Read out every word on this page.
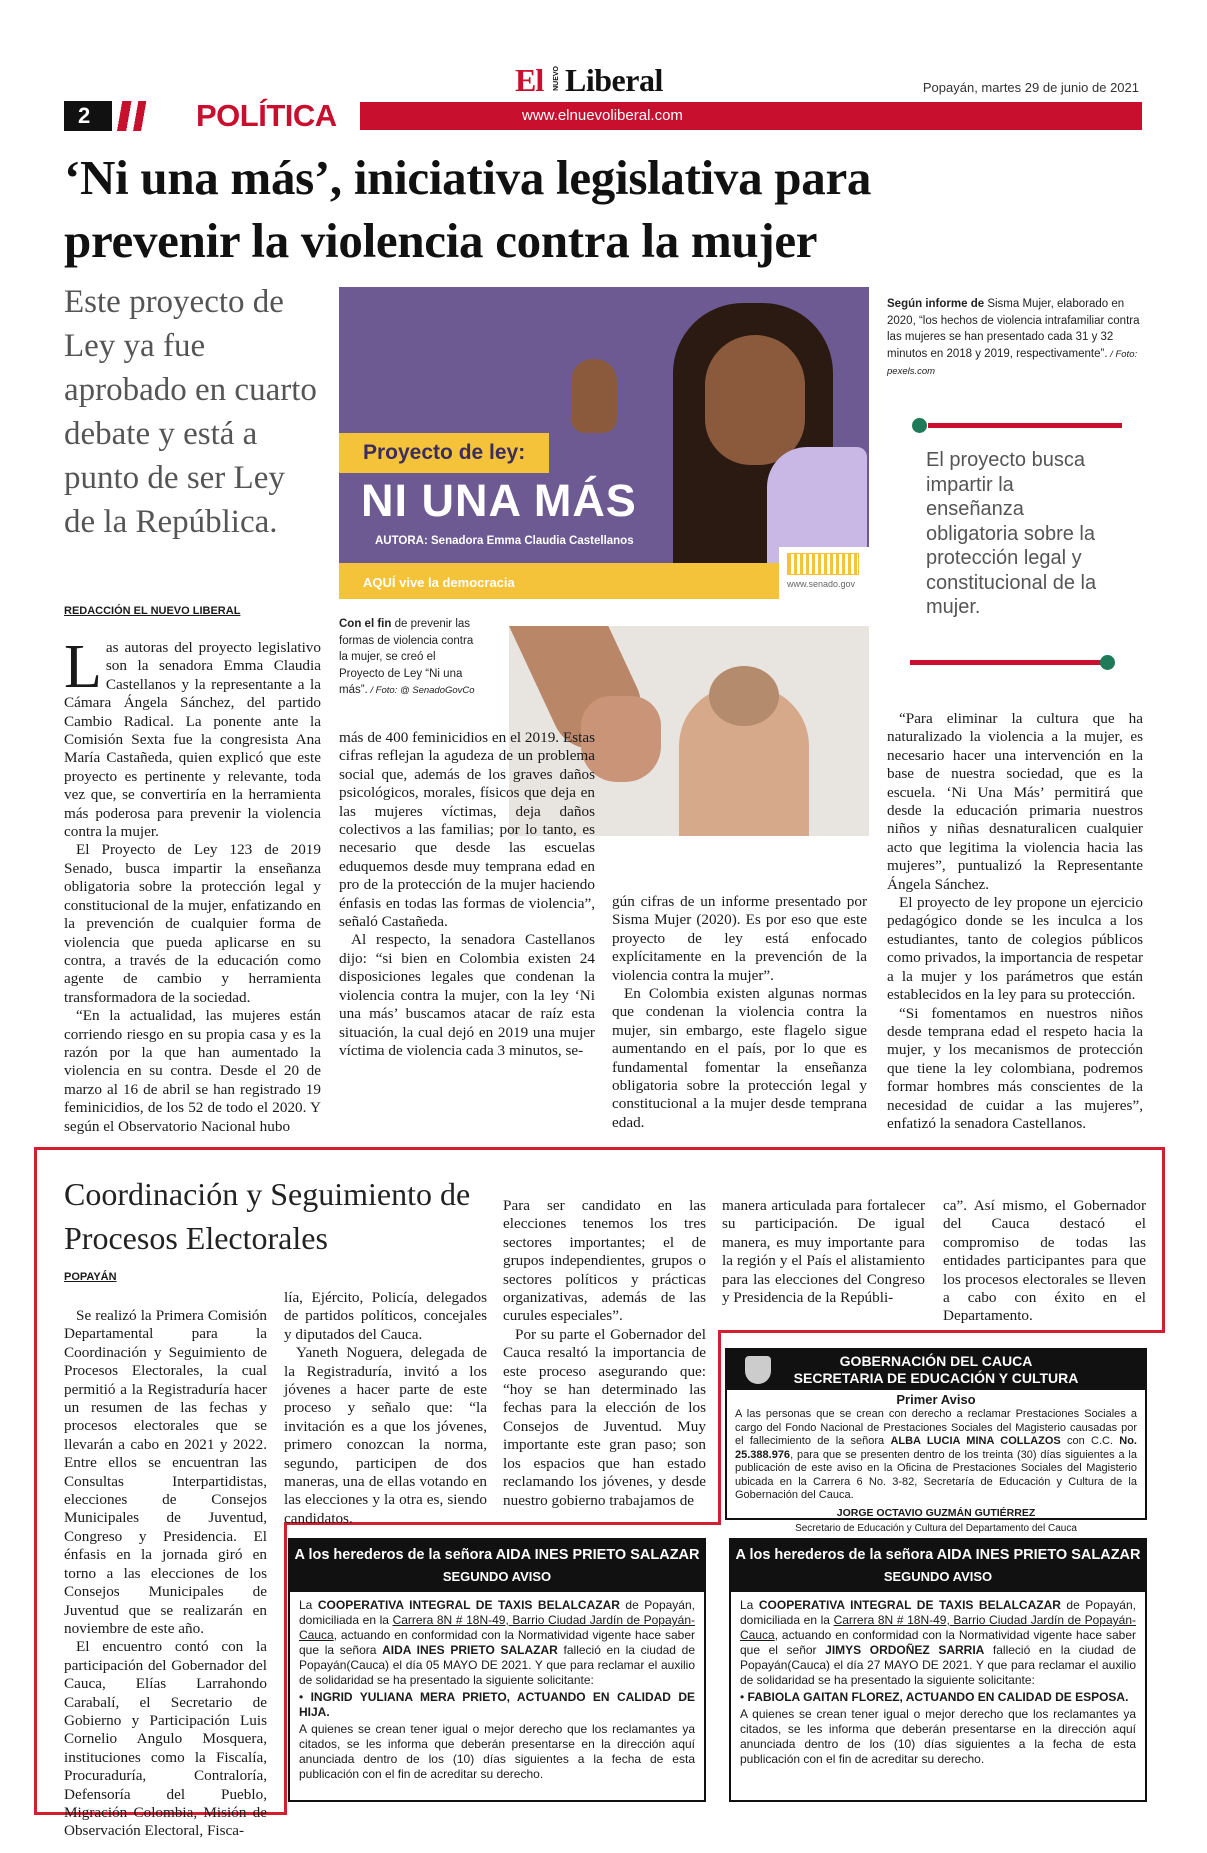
El NUEVO Liberal	Popayán, martes 29 de junio de 2021
2	POLÍTICA	www.elnuevoliberal.com
‘Ni una más’, iniciativa legislativa para prevenir la violencia contra la mujer
Este proyecto de Ley ya fue aprobado en cuarto debate y está a punto de ser Ley de la República.
REDACCIÓN EL NUEVO LIBERAL
Proyecto de ley:
NI UNA MÁS
AUTORA: Senadora Emma Claudia Castellanos
AQUÍ vive la democracia	www.senado.gov
Según informe de Sisma Mujer, elaborado en 2020, “los hechos de violencia intrafamiliar contra las mujeres se han presentado cada 31 y 32 minutos en 2018 y 2019, respectivamente”. / Foto: pexels.com
El proyecto busca impartir la enseñanza obligatoria sobre la protección legal y constitucional de la mujer.
Con el fin de prevenir las formas de violencia contra la mujer, se creó el Proyecto de Ley “Ni una más”. / Foto: @ SenadoGovCo

Las autoras del proyecto legislativo son la senadora Emma Claudia Castellanos y la representante a la Cámara Ángela Sánchez, del partido Cambio Radical. La ponente ante la Comisión Sexta fue la congresista Ana María Castañeda, quien explicó que este proyecto es pertinente y relevante, toda vez que, se convertiría en la herramienta más poderosa para prevenir la violencia contra la mujer.

El Proyecto de Ley 123 de 2019 Senado, busca impartir la enseñanza obligatoria sobre la protección legal y constitucional de la mujer, enfatizando en la prevención de cualquier forma de violencia que pueda aplicarse en su contra, a través de la educación como agente de cambio y herramienta transformadora de la sociedad.

“En la actualidad, las mujeres están corriendo riesgo en su propia casa y es la razón por la que han aumentado la violencia en su contra. Desde el 20 de marzo al 16 de abril se han registrado 19 feminicidios, de los 52 de todo el 2020. Y según el Observatorio Nacional hubo

más de 400 feminicidios en el 2019. Estas cifras reflejan la agudeza de un problema social que, además de los graves daños psicológicos, morales, físicos que deja en las mujeres víctimas, deja daños colectivos a las familias; por lo tanto, es necesario que desde las escuelas eduquemos desde muy temprana edad en pro de la protección de la mujer haciendo énfasis en todas las formas de violencia”, señaló Castañeda.

Al respecto, la senadora Castellanos dijo: “si bien en Colombia existen 24 disposiciones legales que condenan la violencia contra la mujer, con la ley ‘Ni una más’ buscamos atacar de raíz esta situación, la cual dejó en 2019 una mujer víctima de violencia cada 3 minutos, se-

gún cifras de un informe presentado por Sisma Mujer (2020). Es por eso que este proyecto de ley está enfocado explícitamente en la prevención de la violencia contra la mujer”.

En Colombia existen algunas normas que condenan la violencia contra la mujer, sin embargo, este flagelo sigue aumentando en el país, por lo que es fundamental fomentar la enseñanza obligatoria sobre la protección legal y constitucional a la mujer desde temprana edad.

“Para eliminar la cultura que ha naturalizado la violencia a la mujer, es necesario hacer una intervención en la base de nuestra sociedad, que es la escuela. ‘Ni Una Más’ permitirá que desde la educación primaria nuestros niños y niñas desnaturalicen cualquier acto que legitima la violencia hacia las mujeres”, puntualizó la Representante Ángela Sánchez.

El proyecto de ley propone un ejercicio pedagógico donde se les inculca a los estudiantes, tanto de colegios públicos como privados, la importancia de respetar a la mujer y los parámetros que están establecidos en la ley para su protección.

“Si fomentamos en nuestros niños desde temprana edad el respeto hacia la mujer, y los mecanismos de protección que tiene la ley colombiana, podremos formar hombres más conscientes de la necesidad de cuidar a las mujeres”, enfatizó la senadora Castellanos.

Coordinación y Seguimiento de Procesos Electorales
POPAYÁN

Se realizó la Primera Comisión Departamental para la Coordinación y Seguimiento de Procesos Electorales, la cual permitió a la Registraduría hacer un resumen de las fechas y procesos electorales que se llevarán a cabo en 2021 y 2022. Entre ellos se encuentran las Consultas Interpartidistas, elecciones de Consejos Municipales de Juventud, Congreso y Presidencia. El énfasis en la jornada giró en torno a las elecciones de los Consejos Municipales de Juventud que se realizarán en noviembre de este año.

El encuentro contó con la participación del Gobernador del Cauca, Elías Larrahondo Carabalí, el Secretario de Gobierno y Participación Luis Cornelio Angulo Mosquera, instituciones como la Fiscalía, Procuraduría, Contraloría, Defensoría del Pueblo, Migración Colombia, Misión de Observación Electoral, Fisca-

lía, Ejército, Policía, delegados de partidos políticos, concejales y diputados del Cauca.

Yaneth Noguera, delegada de la Registraduría, invitó a los jóvenes a hacer parte de este proceso y señalo que: “la invitación es a que los jóvenes, primero conozcan la norma, segundo, participen de dos maneras, una de ellas votando en las elecciones y la otra es, siendo candidatos.

Para ser candidato en las elecciones tenemos los tres sectores importantes; el de grupos independientes, grupos o sectores políticos y prácticas organizativas, además de las curules especiales”.

Por su parte el Gobernador del Cauca resaltó la importancia de este proceso asegurando que: “hoy se han determinado las fechas para la elección de los Consejos de Juventud. Muy importante este gran paso; son los espacios que han estado reclamando los jóvenes, y desde nuestro gobierno trabajamos de

manera articulada para fortalecer su participación. De igual manera, es muy importante para la región y el País el alistamiento para las elecciones del Congreso y Presidencia de la Repúbli-

ca”. Así mismo, el Gobernador del Cauca destacó el compromiso de todas las entidades participantes para que los procesos electorales se lleven a cabo con éxito en el Departamento.

GOBERNACIÓN DEL CAUCA
SECRETARIA DE EDUCACIÓN Y CULTURA
Primer Aviso
A las personas que se crean con derecho a reclamar Prestaciones Sociales a cargo del Fondo Nacional de Prestaciones Sociales del Magisterio causadas por el fallecimiento de la señora ALBA LUCIA MINA COLLAZOS con C.C. No. 25.388.976, para que se presenten dentro de los treinta (30) días siguientes a la publicación de este aviso en la Oficina de Prestaciones Sociales del Magisterio ubicada en la Carrera 6 No. 3-82, Secretaría de Educación y Cultura de la Gobernación del Cauca.
JORGE OCTAVIO GUZMÁN GUTIÉRREZ
Secretario de Educación y Cultura del Departamento del Cauca
A los herederos de la señora AIDA INES PRIETO SALAZAR
SEGUNDO AVISO

La COOPERATIVA INTEGRAL DE TAXIS BELALCAZAR de Popayán, domiciliada en la Carrera 8N # 18N-49, Barrio Ciudad Jardín de Popayán-Cauca, actuando en conformidad con la Normatividad vigente hace saber que la señora AIDA INES PRIETO SALAZAR falleció en la ciudad de Popayán(Cauca) el día 05 MAYO DE 2021. Y que para reclamar el auxilio de solidaridad se ha presentado la siguiente solicitante:

• INGRID YULIANA MERA PRIETO, ACTUANDO EN CALIDAD DE HIJA.

A quienes se crean tener igual o mejor derecho que los reclamantes ya citados, se les informa que deberán presentarse en la dirección aquí anunciada dentro de los (10) días siguientes a la fecha de esta publicación con el fin de acreditar su derecho.

A los herederos de la señora AIDA INES PRIETO SALAZAR
SEGUNDO AVISO

La COOPERATIVA INTEGRAL DE TAXIS BELALCAZAR de Popayán, domiciliada en la Carrera 8N # 18N-49, Barrio Ciudad Jardín de Popayán-Cauca, actuando en conformidad con la Normatividad vigente hace saber que el señor JIMYS ORDOÑEZ SARRIA falleció en la ciudad de Popayán(Cauca) el día 27 MAYO DE 2021. Y que para reclamar el auxilio de solidaridad se ha presentado la siguiente solicitante:

• FABIOLA GAITAN FLOREZ, ACTUANDO EN CALIDAD DE ESPOSA.

A quienes se crean tener igual o mejor derecho que los reclamantes ya citados, se les informa que deberán presentarse en la dirección aquí anunciada dentro de los (10) días siguientes a la fecha de esta publicación con el fin de acreditar su derecho.
